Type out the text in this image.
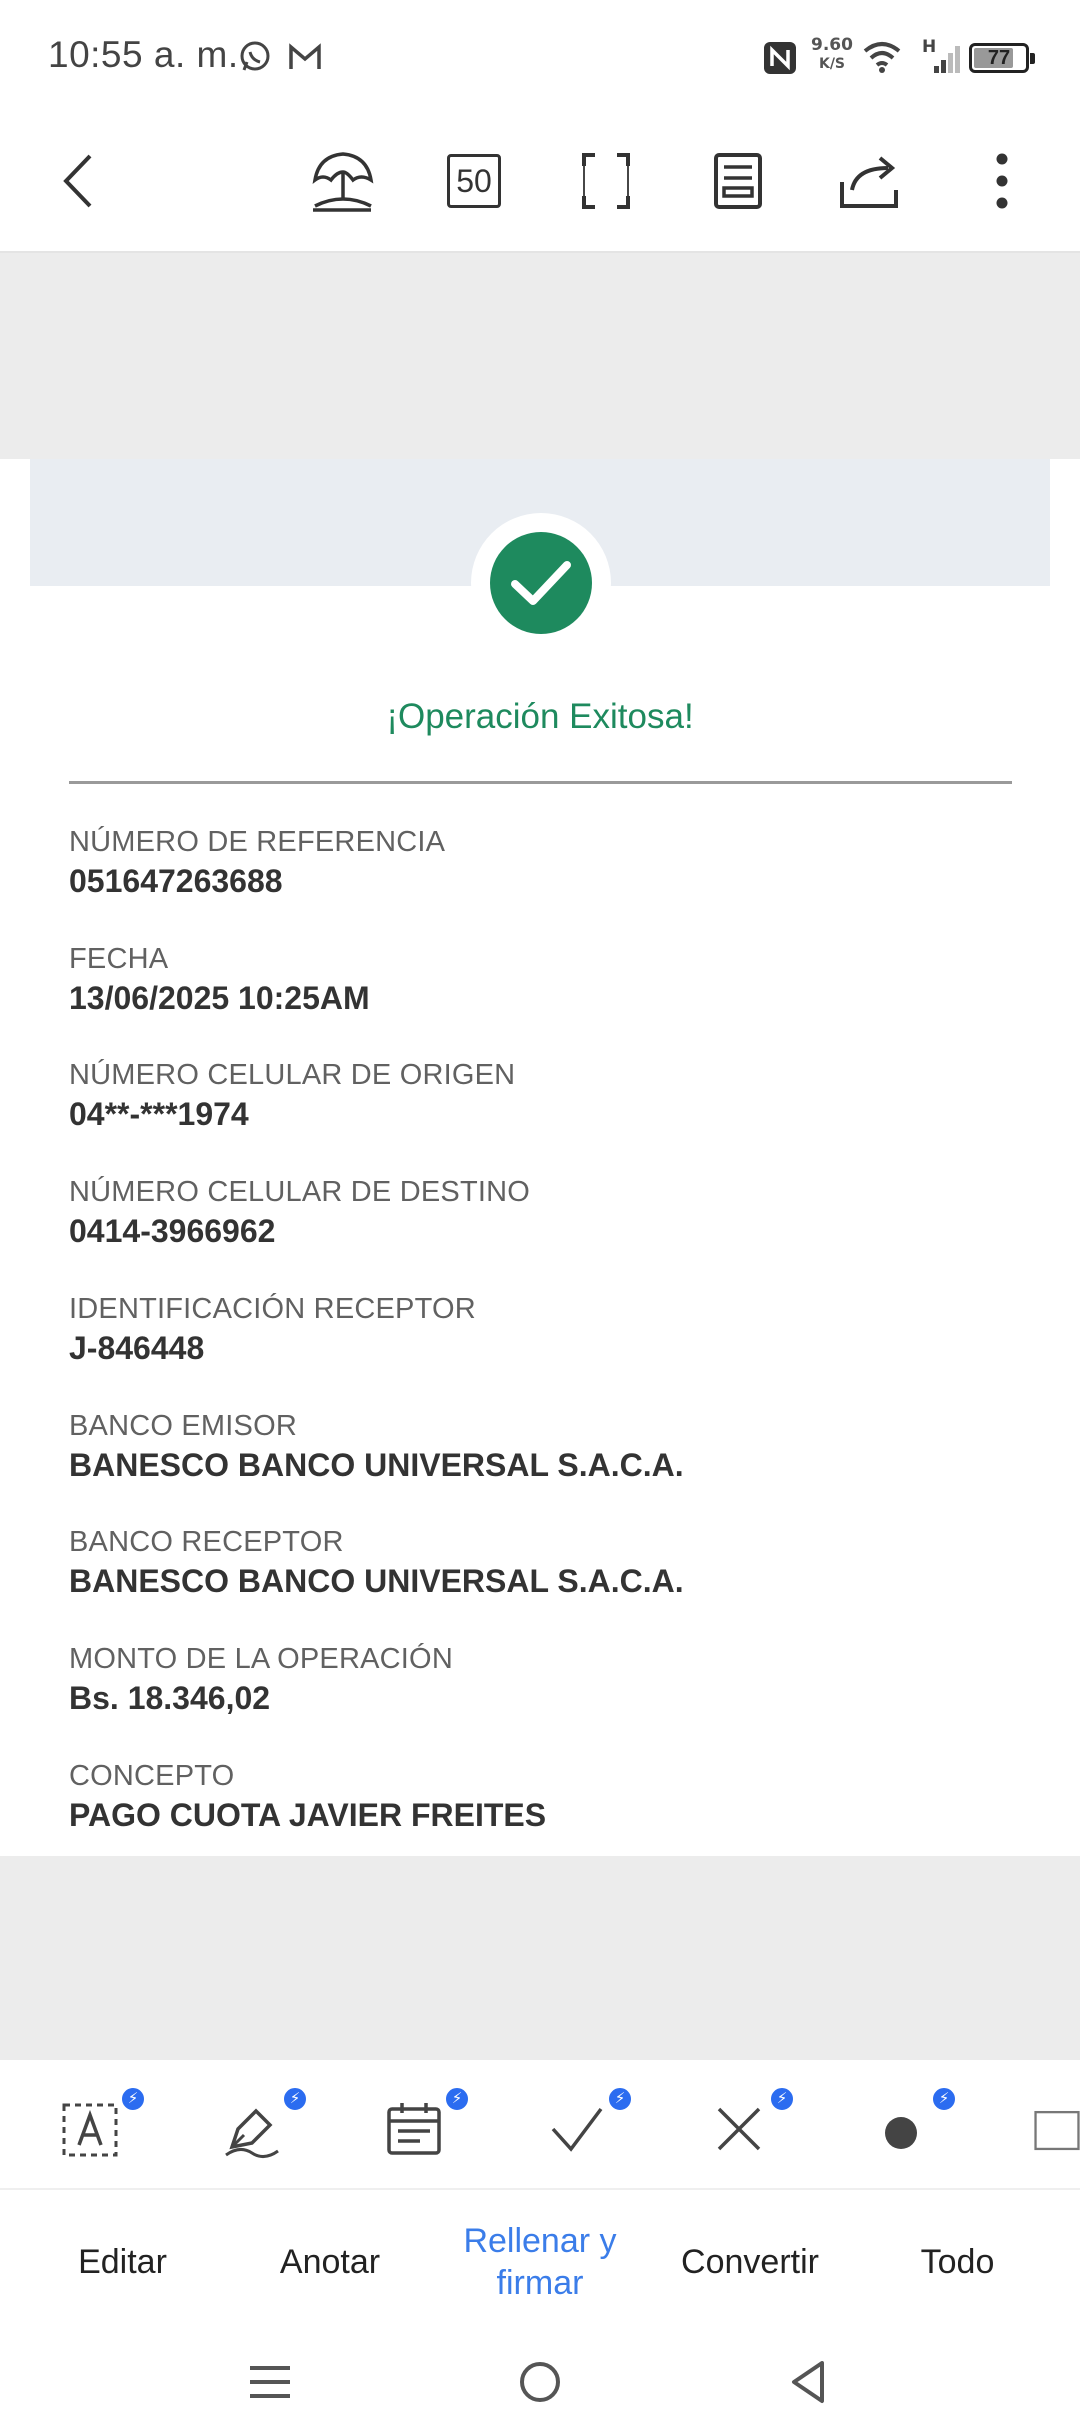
10:55 a. m.	9.60
K/S
H	77
50
¡Operación Exitosa!
NÚMERO DE REFERENCIA
051647263688
FECHA
13/06/2025 10:25AM
NÚMERO CELULAR DE ORIGEN
04**-***1974
NÚMERO CELULAR DE DESTINO
0414-3966962
IDENTIFICACIÓN RECEPTOR
J-846448
BANCO EMISOR
BANESCO BANCO UNIVERSAL S.A.C.A.
BANCO RECEPTOR
BANESCO BANCO UNIVERSAL S.A.C.A.
MONTO DE LA OPERACIÓN
Bs. 18.346,02
CONCEPTO
PAGO CUOTA JAVIER FREITES
⚡	⚡	⚡	⚡	⚡	⚡
Editar	Anotar
Rellenar y firmar
Convertir	Todo
